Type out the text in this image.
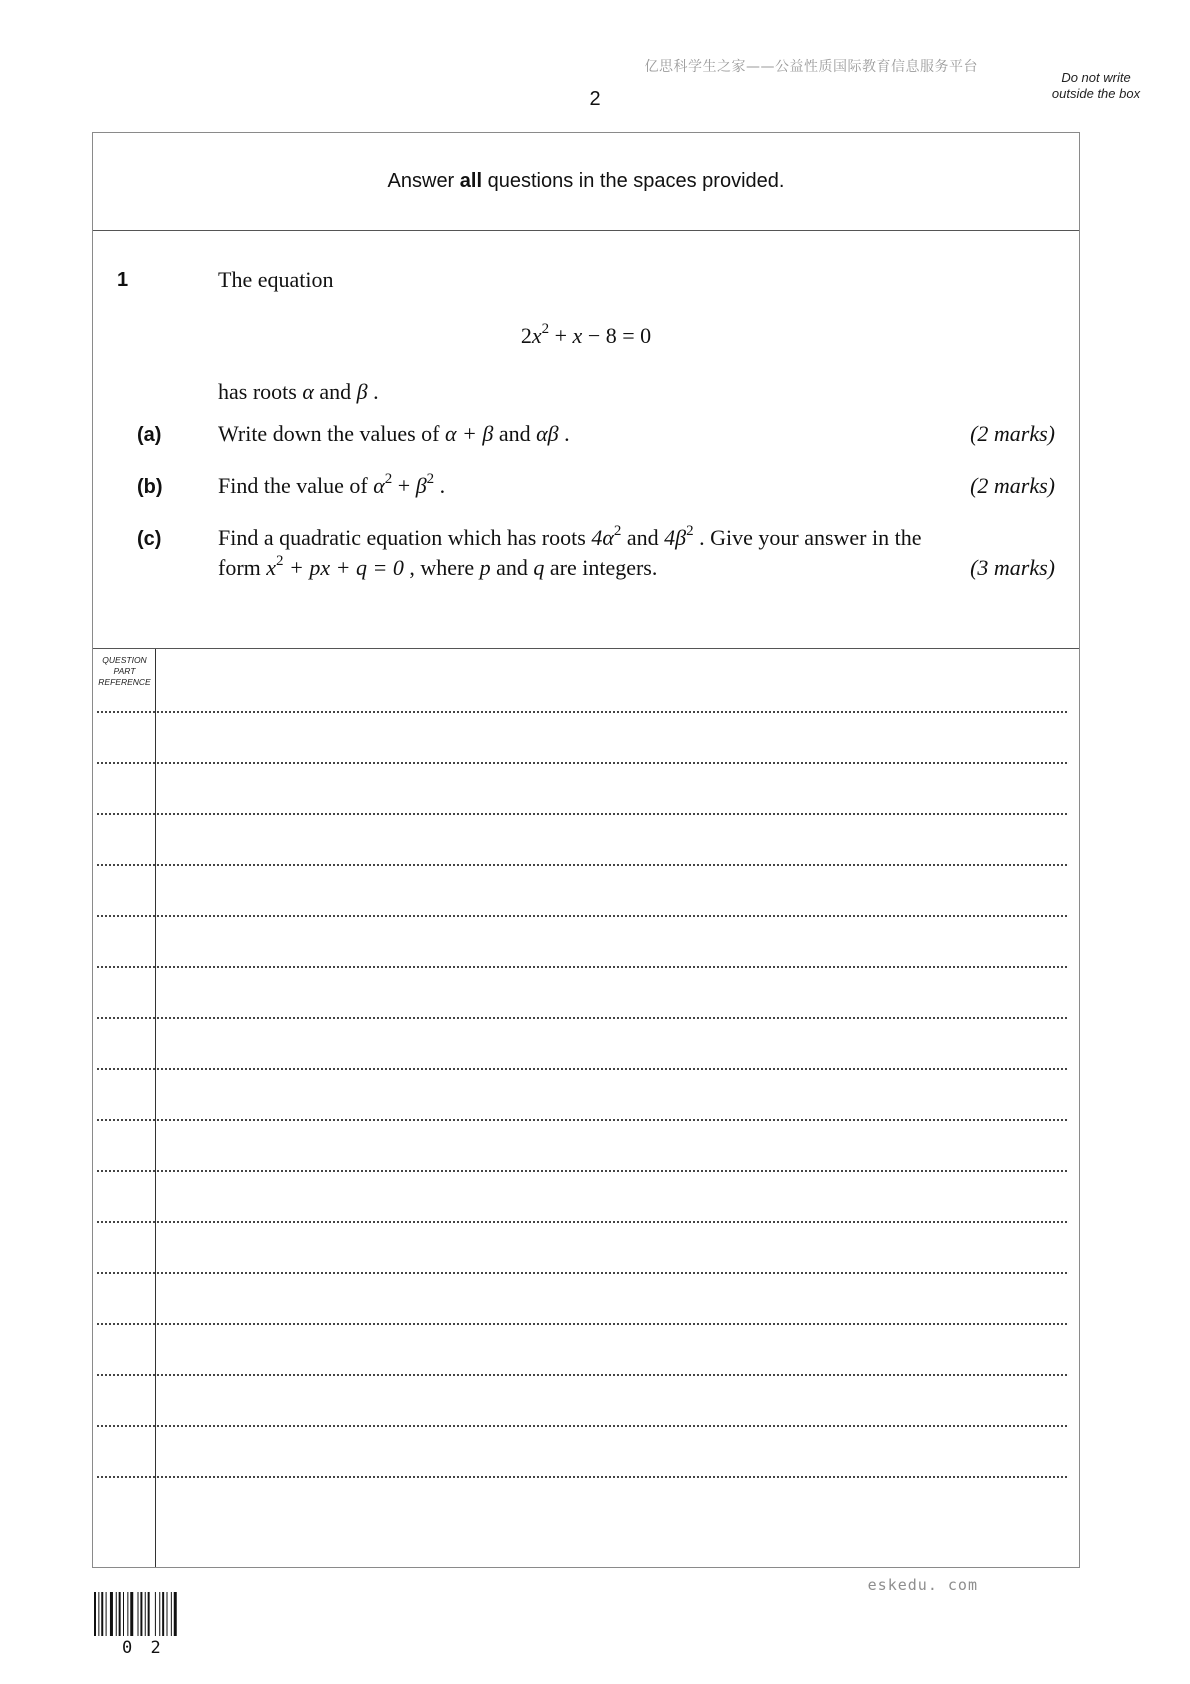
亿思科学生之家——公益性质国际教育信息服务平台
2
Do not write outside the box
Answer all questions in the spaces provided.
1	The equation
$2x^2 + x - 8 = 0$
has roots α and β .
(a)	Write down the values of α + β and αβ .	(2 marks)
(b)	Find the value of $\alpha^2 + \beta^2$ .	(2 marks)
(c)	Find a quadratic equation which has roots $4\alpha^2$ and $4\beta^2$ . Give your answer in the
form $x^2$ + px + q = 0 , where p and q are integers.	(3 marks)
QUESTION PART REFERENCE
eskedu. com
0 2
